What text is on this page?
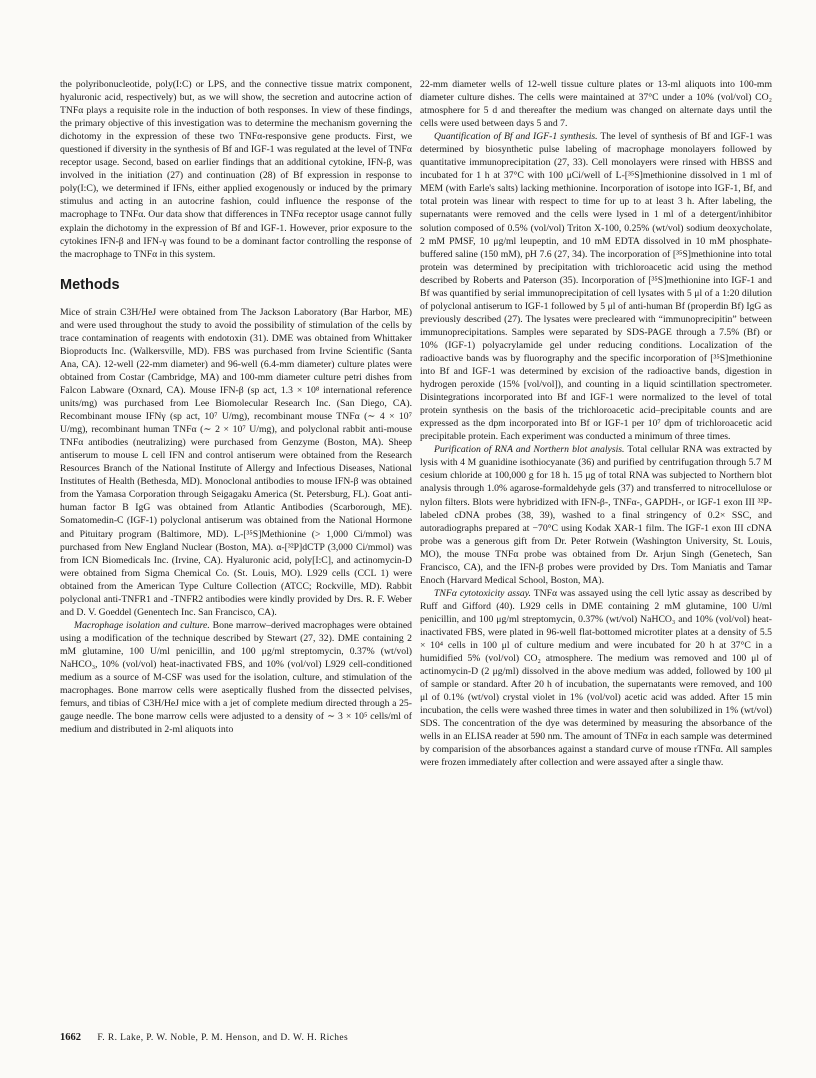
the polyribonucleotide, poly(I:C) or LPS, and the connective tissue matrix component, hyaluronic acid, respectively) but, as we will show, the secretion and autocrine action of TNFα plays a requisite role in the induction of both responses. In view of these findings, the primary objective of this investigation was to determine the mechanism governing the dichotomy in the expression of these two TNFα-responsive gene products. First, we questioned if diversity in the synthesis of Bf and IGF-1 was regulated at the level of TNFα receptor usage. Second, based on earlier findings that an additional cytokine, IFN-β, was involved in the initiation (27) and continuation (28) of Bf expression in response to poly(I:C), we determined if IFNs, either applied exogenously or induced by the primary stimulus and acting in an autocrine fashion, could influence the response of the macrophage to TNFα. Our data show that differences in TNFα receptor usage cannot fully explain the dichotomy in the expression of Bf and IGF-1. However, prior exposure to the cytokines IFN-β and IFN-γ was found to be a dominant factor controlling the response of the macrophage to TNFα in this system.

Methods

Mice of strain C3H/HeJ were obtained from The Jackson Laboratory (Bar Harbor, ME) and were used throughout the study to avoid the possibility of stimulation of the cells by trace contamination of reagents with endotoxin (31). DME was obtained from Whittaker Bioproducts Inc. (Walkersville, MD). FBS was purchased from Irvine Scientific (Santa Ana, CA). 12-well (22-mm diameter) and 96-well (6.4-mm diameter) culture plates were obtained from Costar (Cambridge, MA) and 100-mm diameter culture petri dishes from Falcon Labware (Oxnard, CA). Mouse IFN-β (sp act, 1.3 × 10⁸ international reference units/mg) was purchased from Lee Biomolecular Research Inc. (San Diego, CA). Recombinant mouse IFNγ (sp act, 10⁷ U/mg), recombinant mouse TNFα (∼ 4 × 10⁷ U/mg), recombinant human TNFα (∼ 2 × 10⁷ U/mg), and polyclonal rabbit anti-mouse TNFα antibodies (neutralizing) were purchased from Genzyme (Boston, MA). Sheep antiserum to mouse L cell IFN and control antiserum were obtained from the Research Resources Branch of the National Institute of Allergy and Infectious Diseases, National Institutes of Health (Bethesda, MD). Monoclonal antibodies to mouse IFN-β was obtained from the Yamasa Corporation through Seigagaku America (St. Petersburg, FL). Goat anti-human factor B IgG was obtained from Atlantic Antibodies (Scarborough, ME). Somatomedin-C (IGF-1) polyclonal antiserum was obtained from the National Hormone and Pituitary program (Baltimore, MD). L-[³⁵S]Methionine (> 1,000 Ci/mmol) was purchased from New England Nuclear (Boston, MA). α-[³²P]dCTP (3,000 Ci/mmol) was from ICN Biomedicals Inc. (Irvine, CA). Hyaluronic acid, poly[I:C], and actinomycin-D were obtained from Sigma Chemical Co. (St. Louis, MO). L929 cells (CCL 1) were obtained from the American Type Culture Collection (ATCC; Rockville, MD). Rabbit polyclonal anti-TNFR1 and -TNFR2 antibodies were kindly provided by Drs. R. F. Weber and D. V. Goeddel (Genentech Inc. San Francisco, CA).

Macrophage isolation and culture. Bone marrow–derived macrophages were obtained using a modification of the technique described by Stewart (27, 32). DME containing 2 mM glutamine, 100 U/ml penicillin, and 100 μg/ml streptomycin, 0.37% (wt/vol) NaHCO₃, 10% (vol/vol) heat-inactivated FBS, and 10% (vol/vol) L929 cell-conditioned medium as a source of M-CSF was used for the isolation, culture, and stimulation of the macrophages. Bone marrow cells were aseptically flushed from the dissected pelvises, femurs, and tibias of C3H/HeJ mice with a jet of complete medium directed through a 25-gauge needle. The bone marrow cells were adjusted to a density of ∼ 3 × 10⁵ cells/ml of medium and distributed in 2-ml aliquots into

22-mm diameter wells of 12-well tissue culture plates or 13-ml aliquots into 100-mm diameter culture dishes. The cells were maintained at 37°C under a 10% (vol/vol) CO₂ atmosphere for 5 d and thereafter the medium was changed on alternate days until the cells were used between days 5 and 7.

Quantification of Bf and IGF-1 synthesis. The level of synthesis of Bf and IGF-1 was determined by biosynthetic pulse labeling of macrophage monolayers followed by quantitative immunoprecipitation (27, 33). Cell monolayers were rinsed with HBSS and incubated for 1 h at 37°C with 100 μCi/well of L-[³⁵S]methionine dissolved in 1 ml of MEM (with Earle's salts) lacking methionine. Incorporation of isotope into IGF-1, Bf, and total protein was linear with respect to time for up to at least 3 h. After labeling, the supernatants were removed and the cells were lysed in 1 ml of a detergent/inhibitor solution composed of 0.5% (vol/vol) Triton X-100, 0.25% (wt/vol) sodium deoxycholate, 2 mM PMSF, 10 μg/ml leupeptin, and 10 mM EDTA dissolved in 10 mM phosphate-buffered saline (150 mM), pH 7.6 (27, 34). The incorporation of [³⁵S]methionine into total protein was determined by precipitation with trichloroacetic acid using the method described by Roberts and Paterson (35). Incorporation of [³⁵S]methionine into IGF-1 and Bf was quantified by serial immunoprecipitation of cell lysates with 5 μl of a 1:20 dilution of polyclonal antiserum to IGF-1 followed by 5 μl of anti-human Bf (properdin Bf) IgG as previously described (27). The lysates were precleared with “immunoprecipitin” between immunoprecipitations. Samples were separated by SDS-PAGE through a 7.5% (Bf) or 10% (IGF-1) polyacrylamide gel under reducing conditions. Localization of the radioactive bands was by fluorography and the specific incorporation of [³⁵S]methionine into Bf and IGF-1 was determined by excision of the radioactive bands, digestion in hydrogen peroxide (15% [vol/vol]), and counting in a liquid scintillation spectrometer. Disintegrations incorporated into Bf and IGF-1 were normalized to the level of total protein synthesis on the basis of the trichloroacetic acid–precipitable counts and are expressed as the dpm incorporated into Bf or IGF-1 per 10⁷ dpm of trichloroacetic acid precipitable protein. Each experiment was conducted a minimum of three times.

Purification of RNA and Northern blot analysis. Total cellular RNA was extracted by lysis with 4 M guanidine isothiocyanate (36) and purified by centrifugation through 5.7 M cesium chloride at 100,000 g for 18 h. 15 μg of total RNA was subjected to Northern blot analysis through 1.0% agarose-formaldehyde gels (37) and transferred to nitrocellulose or nylon filters. Blots were hybridized with IFN-β-, TNFα-, GAPDH-, or IGF-1 exon III ³²P-labeled cDNA probes (38, 39), washed to a final stringency of 0.2× SSC, and autoradiographs prepared at −70°C using Kodak XAR-1 film. The IGF-1 exon III cDNA probe was a generous gift from Dr. Peter Rotwein (Washington University, St. Louis, MO), the mouse TNFα probe was obtained from Dr. Arjun Singh (Genetech, San Francisco, CA), and the IFN-β probes were provided by Drs. Tom Maniatis and Tamar Enoch (Harvard Medical School, Boston, MA).

TNFα cytotoxicity assay. TNFα was assayed using the cell lytic assay as described by Ruff and Gifford (40). L929 cells in DME containing 2 mM glutamine, 100 U/ml penicillin, and 100 μg/ml streptomycin, 0.37% (wt/vol) NaHCO₃ and 10% (vol/vol) heat-inactivated FBS, were plated in 96-well flat-bottomed microtiter plates at a density of 5.5 × 10⁴ cells in 100 μl of culture medium and were incubated for 20 h at 37°C in a humidified 5% (vol/vol) CO₂ atmosphere. The medium was removed and 100 μl of actinomycin-D (2 μg/ml) dissolved in the above medium was added, followed by 100 μl of sample or standard. After 20 h of incubation, the supernatants were removed, and 100 μl of 0.1% (wt/vol) crystal violet in 1% (vol/vol) acetic acid was added. After 15 min incubation, the cells were washed three times in water and then solubilized in 1% (wt/vol) SDS. The concentration of the dye was determined by measuring the absorbance of the wells in an ELISA reader at 590 nm. The amount of TNFα in each sample was determined by comparision of the absorbances against a standard curve of mouse rTNFα. All samples were frozen immediately after collection and were assayed after a single thaw.

1662 F. R. Lake, P. W. Noble, P. M. Henson, and D. W. H. Riches
